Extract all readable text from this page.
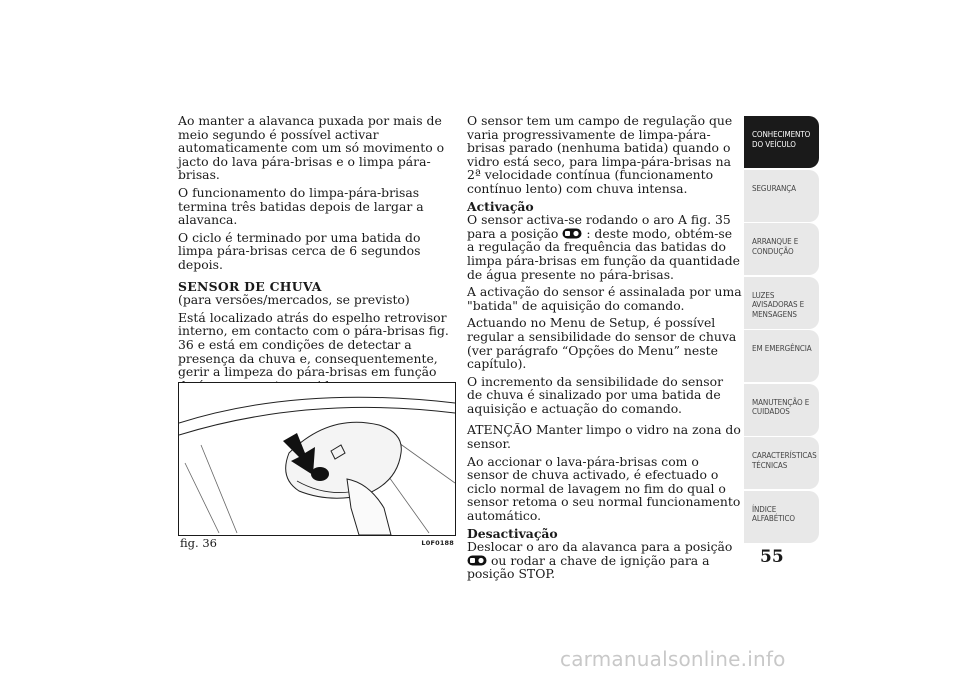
Ao manter a alavanca puxada por mais de meio segundo é possível activar automaticamente com um só movimento o jacto do lava pára-brisas e o limpa pára-brisas.

O funcionamento do limpa-pára-brisas termina três batidas depois de largar a alavanca.

O ciclo é terminado por uma batida do limpa pára-brisas cerca de 6 segundos depois.

SENSOR DE CHUVA

(para versões/mercados, se previsto)

Está localizado atrás do espelho retrovisor interno, em contacto com o pára-brisas fig. 36 e está em condições de detectar a presença da chuva e, consequentemente, gerir a limpeza do pára-brisas em função

fig. 36	L0F0188

O sensor tem um campo de regulação que varia progressivamente de limpa-pára-brisas parado (nenhuma batida) quando o vidro está seco, para limpa-pára-brisas na 2ª velocidade contínua (funcionamento contínuo lento) com chuva intensa.

Activação

O sensor activa-se rodando o aro A fig. 35 para a posição : deste modo, obtém-se a regulação da frequência das batidas do limpa pára-brisas em função da quantidade de água presente no pára-brisas.

A activação do sensor é assinalada por uma "batida" de aquisição do comando.

Actuando no Menu de Setup, é possível regular a sensibilidade do sensor de chuva (ver parágrafo “Opções do Menu” neste capítulo).

O incremento da sensibilidade do sensor de chuva é sinalizado por uma batida de aquisição e actuação do comando.

ATENÇÃO Manter limpo o vidro na zona do sensor.

Ao accionar o lava-pára-brisas com o sensor de chuva activado, é efectuado o ciclo normal de lavagem no fim do qual o sensor retoma o seu normal funcionamento automático.

Desactivação

Deslocar o aro da alavanca para a posição  ou rodar a chave de ignição para a posição STOP.

CONHECIMENTO DO VEÍCULO
SEGURANÇA
ARRANQUE E CONDUÇÃO
LUZES AVISADORAS E MENSAGENS
EM EMERGÊNCIA
MANUTENÇÃO E CUIDADOS
CARACTERÍSTICAS TÉCNICAS
ÍNDICE ALFABÉTICO
55
carmanualsonline.info
